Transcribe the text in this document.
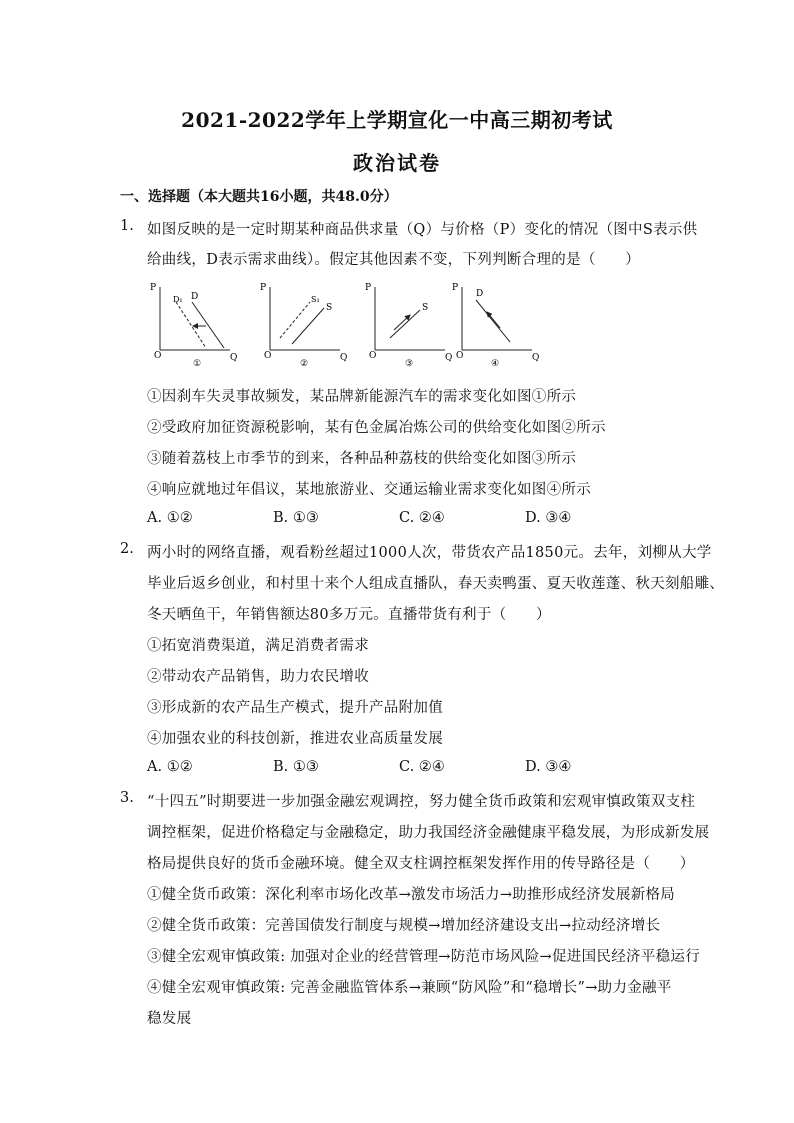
2021-2022学年上学期宣化一中高三期初考试
政治试卷
一、选择题（本大题共16小题，共48.0分）
1. 如图反映的是一定时期某种商品供求量（Q）与价格（P）变化的情况（图中S表示供
给曲线，D表示需求曲线）。假定其他因素不变，下列判断合理的是（　　）
P
O	Q
D₁ D
①
P
O	Q
S₁
S
②
P
O	Q
S
③
P
O	Q
D
④
①因刹车失灵事故频发，某品牌新能源汽车的需求变化如图①所示
②受政府加征资源税影响，某有色金属冶炼公司的供给变化如图②所示
③随着荔枝上市季节的到来，各种品种荔枝的供给变化如图③所示
④响应就地过年倡议，某地旅游业、交通运输业需求变化如图④所示
A. ①②	B. ①③	C. ②④	D. ③④
2. 两小时的网络直播，观看粉丝超过1000人次，带货农产品1850元。去年，刘柳从大学
毕业后返乡创业，和村里十来个人组成直播队，春天卖鸭蛋、夏天收莲蓬、秋天刻船雕、
冬天晒鱼干，年销售额达80多万元。直播带货有利于（　　）
①拓宽消费渠道，满足消费者需求
②带动农产品销售，助力农民增收
③形成新的农产品生产模式，提升产品附加值
④加强农业的科技创新，推进农业高质量发展
A. ①②	B. ①③	C. ②④	D. ③④
3. “十四五”时期要进一步加强金融宏观调控，努力健全货币政策和宏观审慎政策双支柱
调控框架，促进价格稳定与金融稳定，助力我国经济金融健康平稳发展，为形成新发展
格局提供良好的货币金融环境。健全双支柱调控框架发挥作用的传导路径是（　　）
①健全货币政策：深化利率市场化改革→激发市场活力→助推形成经济发展新格局
②健全货币政策：完善国债发行制度与规模→增加经济建设支出→拉动经济增长
③健全宏观审慎政策: 加强对企业的经营管理→防范市场风险→促进国民经济平稳运行
④健全宏观审慎政策: 完善金融监管体系→兼顾“防风险”和“稳增长”→助力金融平
稳发展
